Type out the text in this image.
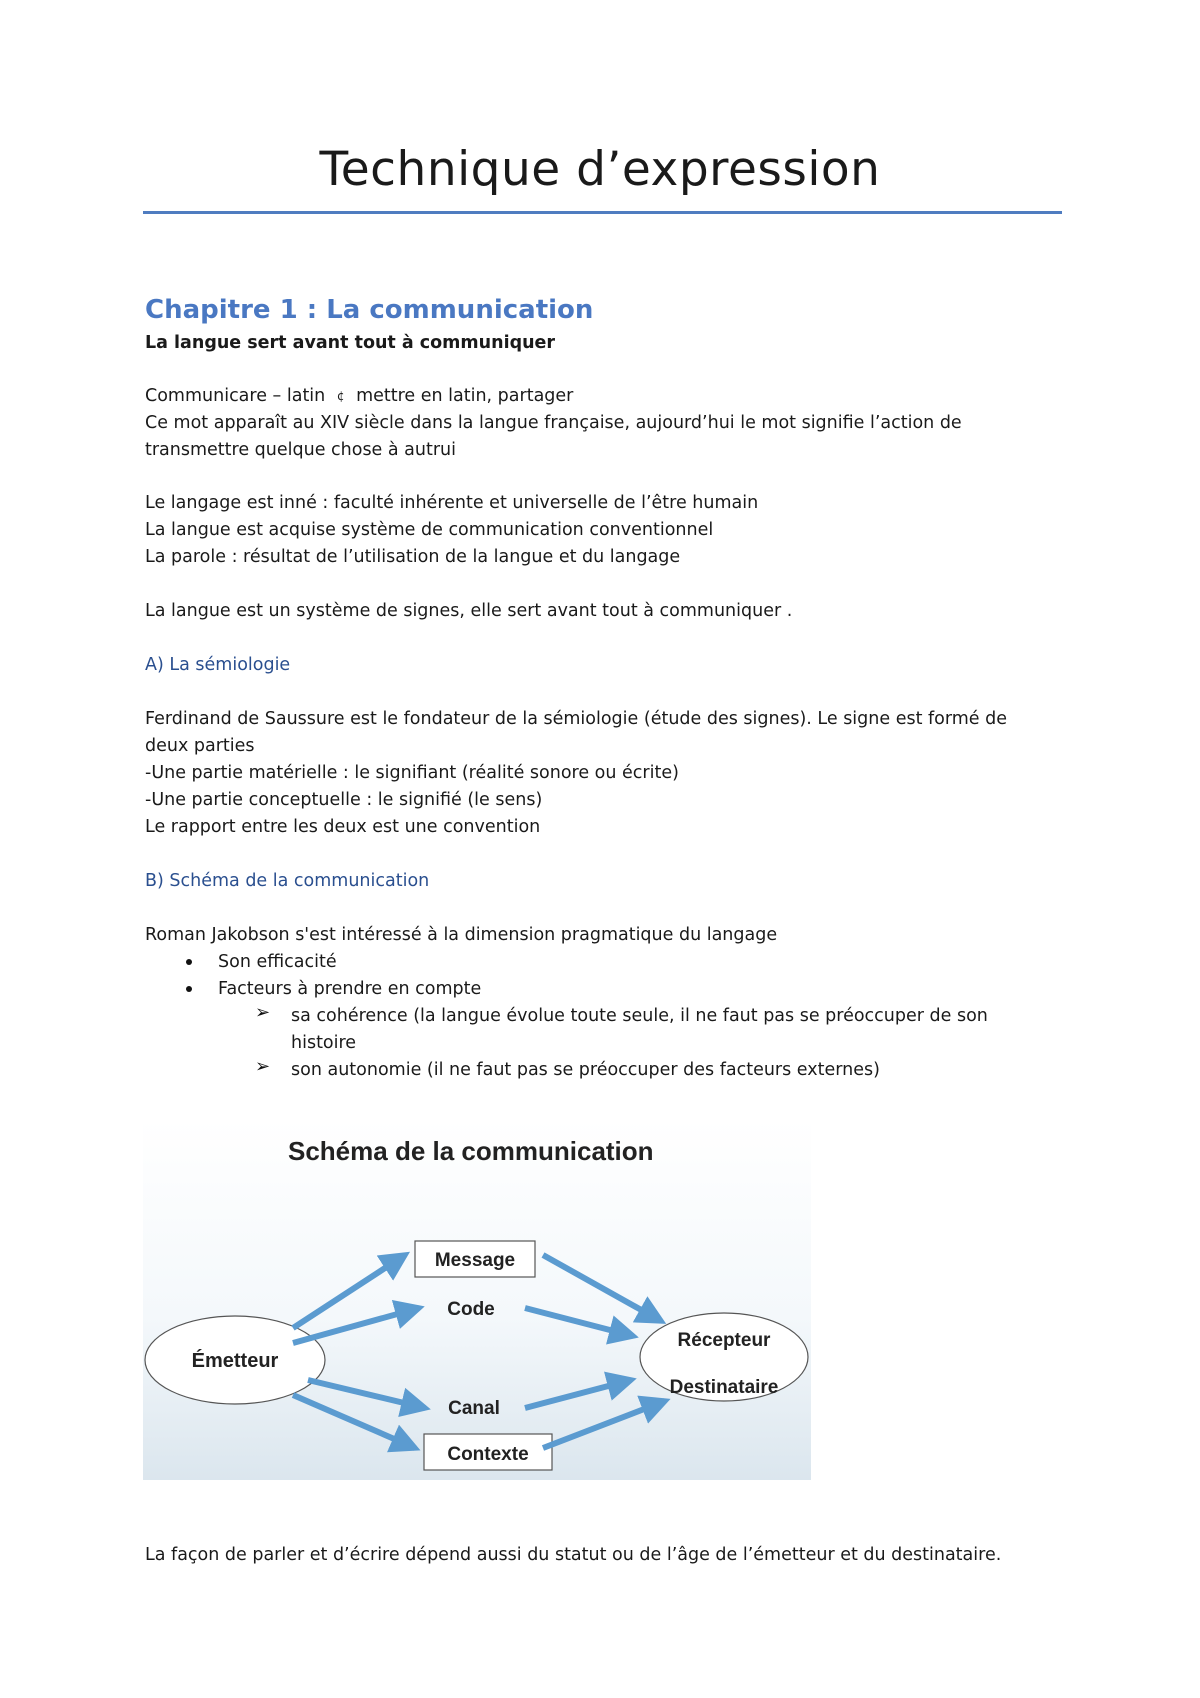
Technique d’expression
Chapitre 1 : La communication
La langue sert avant tout à communiquer
Communicare – latin ¢ mettre en latin, partager
Ce mot apparaît au XIV siècle dans la langue française, aujourd’hui le mot signifie l’action de
transmettre quelque chose à autrui
Le langage est inné : faculté inhérente et universelle de l’être humain
La langue est acquise système de communication conventionnel
La parole : résultat de l’utilisation de la langue et du langage
La langue est un système de signes, elle sert avant tout à communiquer .
A) La sémiologie
Ferdinand de Saussure est le fondateur de la sémiologie (étude des signes). Le signe est formé de
deux parties
-Une partie matérielle : le signifiant (réalité sonore ou écrite)
-Une partie conceptuelle : le signifié (le sens)
Le rapport entre les deux est une convention
B) Schéma de la communication
Roman Jakobson s'est intéressé à la dimension pragmatique du langage
Son efficacité
Facteurs à prendre en compte
➢ sa cohérence (la langue évolue toute seule, il ne faut pas se préoccuper de son
histoire
➢ son autonomie (il ne faut pas se préoccuper des facteurs externes)
Schéma de la communication
Émetteur
Récepteur
Destinataire
Message
Code
Canal
Contexte
La façon de parler et d’écrire dépend aussi du statut ou de l’âge de l’émetteur et du destinataire.
